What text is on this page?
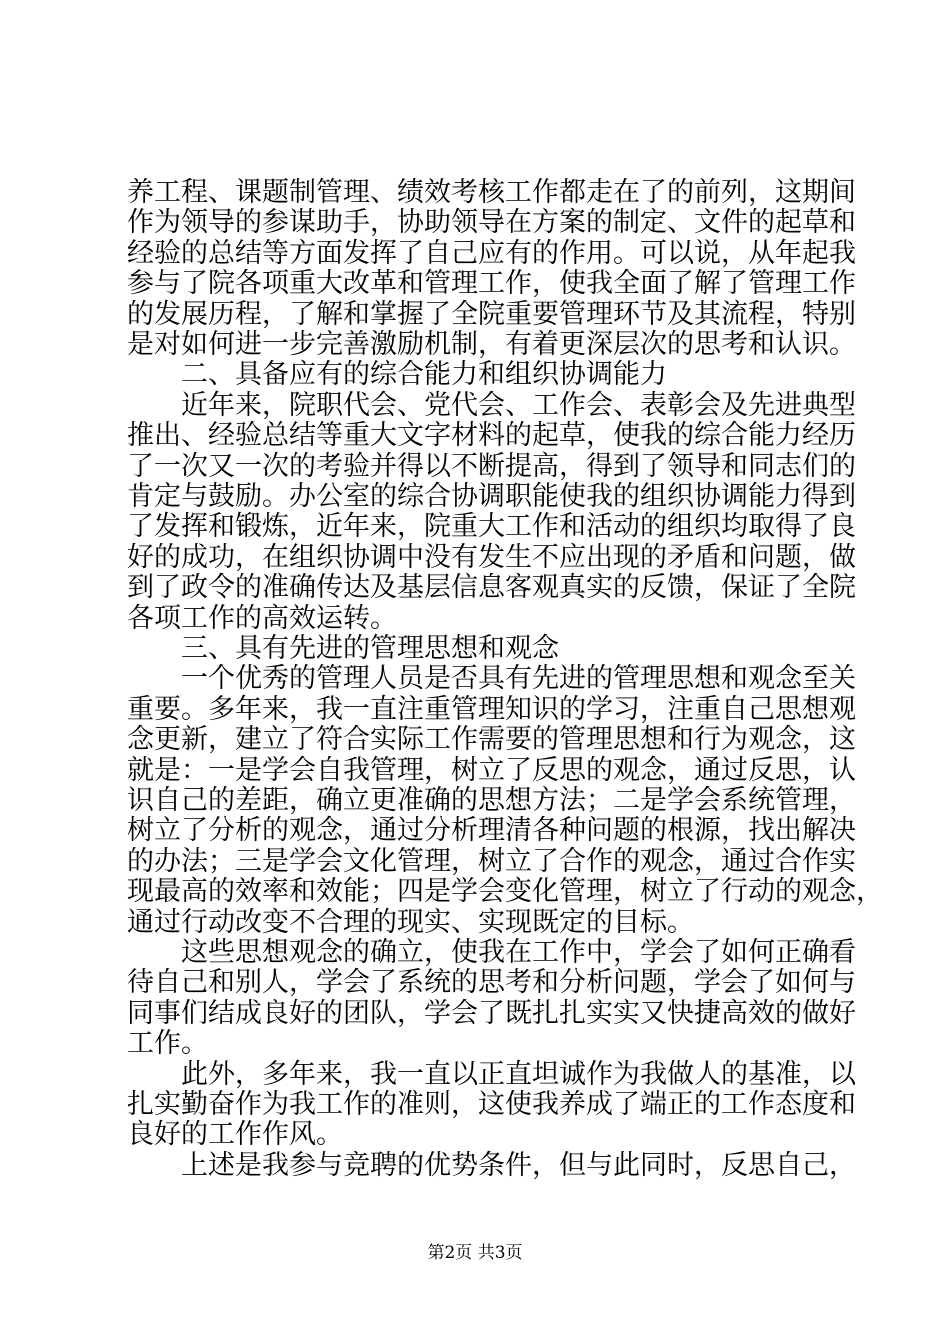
养工程、课题制管理、绩效考核工作都走在了的前列，这期间
作为领导的参谋助手，协助领导在方案的制定、文件的起草和
经验的总结等方面发挥了自己应有的作用。可以说，从年起我
参与了院各项重大改革和管理工作，使我全面了解了管理工作
的发展历程，了解和掌握了全院重要管理环节及其流程，特别
是对如何进一步完善激励机制，有着更深层次的思考和认识。
二、具备应有的综合能力和组织协调能力
近年来，院职代会、党代会、工作会、表彰会及先进典型
推出、经验总结等重大文字材料的起草，使我的综合能力经历
了一次又一次的考验并得以不断提高，得到了领导和同志们的
肯定与鼓励。办公室的综合协调职能使我的组织协调能力得到
了发挥和锻炼，近年来，院重大工作和活动的组织均取得了良
好的成功，在组织协调中没有发生不应出现的矛盾和问题，做
到了政令的准确传达及基层信息客观真实的反馈，保证了全院
各项工作的高效运转。
三、具有先进的管理思想和观念
一个优秀的管理人员是否具有先进的管理思想和观念至关
重要。多年来，我一直注重管理知识的学习，注重自己思想观
念更新，建立了符合实际工作需要的管理思想和行为观念，这
就是：一是学会自我管理，树立了反思的观念，通过反思，认
识自己的差距，确立更准确的思想方法；二是学会系统管理，
树立了分析的观念，通过分析理清各种问题的根源，找出解决
的办法；三是学会文化管理，树立了合作的观念，通过合作实
现最高的效率和效能；四是学会变化管理，树立了行动的观念，
通过行动改变不合理的现实、实现既定的目标。
这些思想观念的确立，使我在工作中，学会了如何正确看
待自己和别人，学会了系统的思考和分析问题，学会了如何与
同事们结成良好的团队，学会了既扎扎实实又快捷高效的做好
工作。
此外，多年来，我一直以正直坦诚作为我做人的基准，以
扎实勤奋作为我工作的准则，这使我养成了端正的工作态度和
良好的工作作风。
上述是我参与竞聘的优势条件，但与此同时，反思自己，
第2页 共3页
